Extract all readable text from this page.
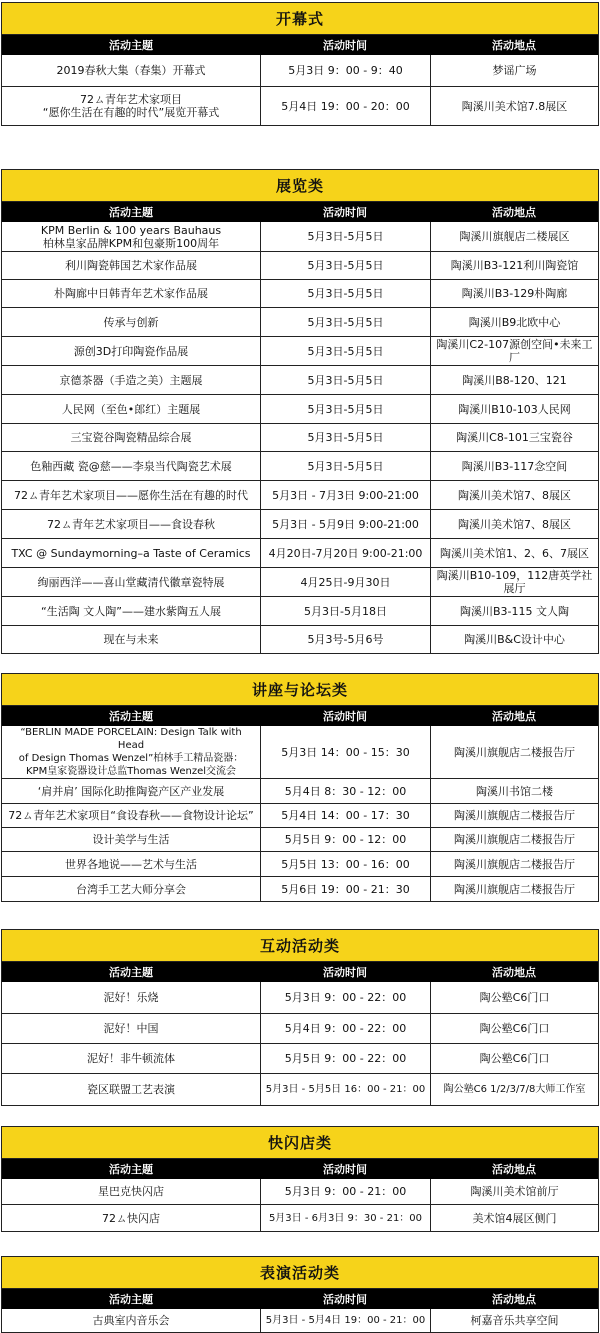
开幕式
活动主题	活动时间	活动地点
2019春秋大集（春集）开幕式	5月3日 9：00 - 9：40	梦谣广场
72ㄙ青年艺术家项目
“愿你生活在有趣的时代”展览开幕式	5月4日 19：00 - 20：00	陶溪川美术馆7.8展区
展览类
活动主题	活动时间	活动地点
KPM Berlin & 100 years Bauhaus
柏林皇家品牌KPM和包豪斯100周年	5月3日-5月5日	陶溪川旗舰店二楼展区
利川陶瓷韩国艺术家作品展	5月3日-5月5日	陶溪川B3-121利川陶瓷馆
朴陶廊中日韩青年艺术家作品展	5月3日-5月5日	陶溪川B3-129朴陶廊
传承与创新	5月3日-5月5日	陶溪川B9北欧中心
源创3D打印陶瓷作品展	5月3日-5月5日	陶溪川C2-107源创空间•未来工厂
京德茶器（手造之美）主题展	5月3日-5月5日	陶溪川B8-120、121
人民网（至色•郎红）主题展	5月3日-5月5日	陶溪川B10-103人民网
三宝瓷谷陶瓷精品综合展	5月3日-5月5日	陶溪川C8-101三宝瓷谷
色釉西藏 瓷@慈——李泉当代陶瓷艺术展	5月3日-5月5日	陶溪川B3-117念空间
72ㄙ青年艺术家项目——愿你生活在有趣的时代	5月3日 - 7月3日 9:00-21:00	陶溪川美术馆7、8展区
72ㄙ青年艺术家项目——食设春秋	5月3日 - 5月9日 9:00-21:00	陶溪川美术馆7、8展区
TXC @ Sundaymorning–a Taste of Ceramics	4月20日-7月20日 9:00-21:00	陶溪川美术馆1、2、6、7展区
绚丽西洋——喜山堂藏清代徽章瓷特展	4月25日-9月30日	陶溪川B10-109，112唐英学社展厅
“生活陶 文人陶”——建水紫陶五人展	5月3日-5月18日	陶溪川B3-115 文人陶
现在与未来	5月3号-5月6号	陶溪川B&C设计中心
讲座与论坛类
活动主题	活动时间	活动地点
“BERLIN MADE PORCELAIN: Design Talk with Head
of Design Thomas Wenzel”柏林手工精品瓷器：
KPM皇家瓷器设计总监Thomas Wenzel交流会
5月3日 14：00 - 15：30	陶溪川旗舰店二楼报告厅
‘肩并肩’ 国际化助推陶瓷产区产业发展	5月4日 8：30 - 12：00	陶溪川书馆二楼
72ㄙ青年艺术家项目“食设春秋——食物设计论坛”	5月4日 14：00 - 17：30	陶溪川旗舰店二楼报告厅
设计美学与生活	5月5日 9：00 - 12：00	陶溪川旗舰店二楼报告厅
世界各地说——艺术与生活	5月5日 13：00 - 16：00	陶溪川旗舰店二楼报告厅
台湾手工艺大师分享会	5月6日 19：00 - 21：30	陶溪川旗舰店二楼报告厅
互动活动类
活动主题	活动时间	活动地点
泥好！乐烧	5月3日 9：00 - 22：00	陶公塾C6门口
泥好！中国	5月4日 9：00 - 22：00	陶公塾C6门口
泥好！非牛顿流体	5月5日 9：00 - 22：00	陶公塾C6门口
瓷区联盟工艺表演	5月3日 - 5月5日 16：00 - 21：00	陶公塾C6 1/2/3/7/8大师工作室
快闪店类
活动主题	活动时间	活动地点
星巴克快闪店	5月3日 9：00 - 21：00	陶溪川美术馆前厅
72ㄙ快闪店	5月3日 - 6月3日 9：30 - 21：00	美术馆4展区侧门
表演活动类
活动主题	活动时间	活动地点
古典室内音乐会	5月3日 - 5月4日 19：00 - 21：00	柯嘉音乐共享空间
